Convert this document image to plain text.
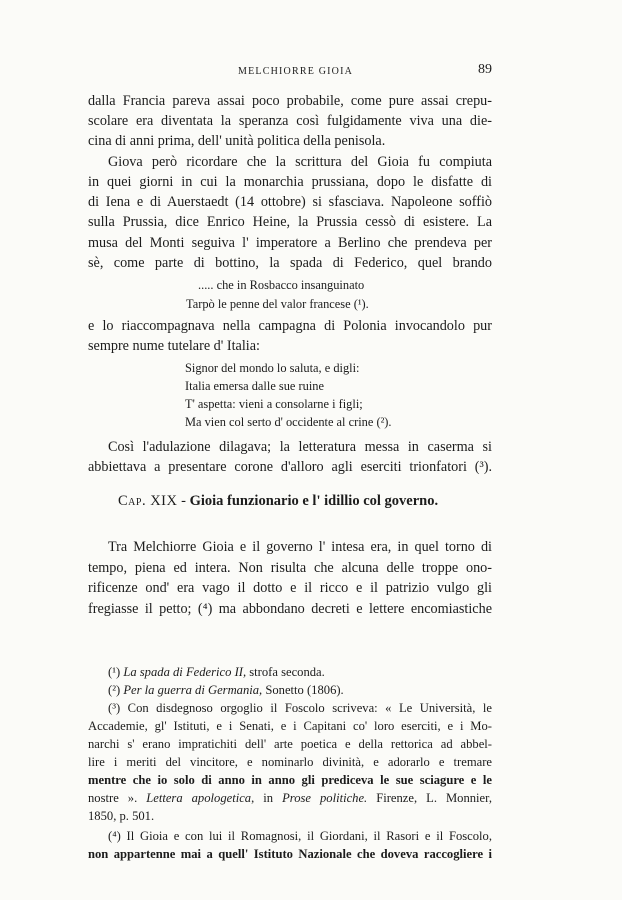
MELCHIORRE GIOIA	89
dalla Francia pareva assai poco probabile, come pure assai crepu-
scolare era diventata la speranza così fulgidamente viva una die-
cina di anni prima, dell' unità politica della penisola.
Giova però ricordare che la scrittura del Gioia fu compiuta
in quei giorni in cui la monarchia prussiana, dopo le disfatte di
di Iena e di Auerstaedt (14 ottobre) si sfasciava. Napoleone soffiò
sulla Prussia, dice Enrico Heine, la Prussia cessò di esistere. La
musa del Monti seguiva l' imperatore a Berlino che prendeva per
sè, come parte di bottino, la spada di Federico, quel brando
..... che in Rosbacco insanguinato
Tarpò le penne del valor francese (¹).
e lo riaccompagnava nella campagna di Polonia invocandolo pur
sempre nume tutelare d' Italia:
Signor del mondo lo saluta, e digli:
Italia emersa dalle sue ruine
T' aspetta: vieni a consolarne i figli;
Ma vien col serto d' occidente al crine (²).
Così l'adulazione dilagava; la letteratura messa in caserma si
abbiettava a presentare corone d'alloro agli eserciti trionfatori (³).
Cap. XIX - Gioia funzionario e l' idillio col governo.
Tra Melchiorre Gioia e il governo l' intesa era, in quel torno di
tempo, piena ed intera. Non risulta che alcuna delle troppe ono-
rificenze ond' era vago il dotto e il ricco e il patrizio vulgo gli
fregiasse il petto; (⁴) ma abbondano decreti e lettere encomiastiche
(¹) La spada di Federico II, strofa seconda.
(²) Per la guerra di Germania, Sonetto (1806).
(³) Con disdegnoso orgoglio il Foscolo scriveva: « Le Università, le
Accademie, gl' Istituti, e i Senati, e i Capitani co' loro eserciti, e i Mo-
narchi s' erano impratichiti dell' arte poetica e della rettorica ad abbel-
lire i meriti del vincitore, e nominarlo divinità, e adorarlo e tremare
mentre che io solo di anno in anno gli prediceva le sue sciagure e le
nostre ». Lettera apologetica, in Prose politiche. Firenze, L. Monnier,
1850, p. 501.
(⁴) Il Gioia e con lui il Romagnosi, il Giordani, il Rasori e il Foscolo,
non appartenne mai a quell' Istituto Nazionale che doveva raccogliere i
